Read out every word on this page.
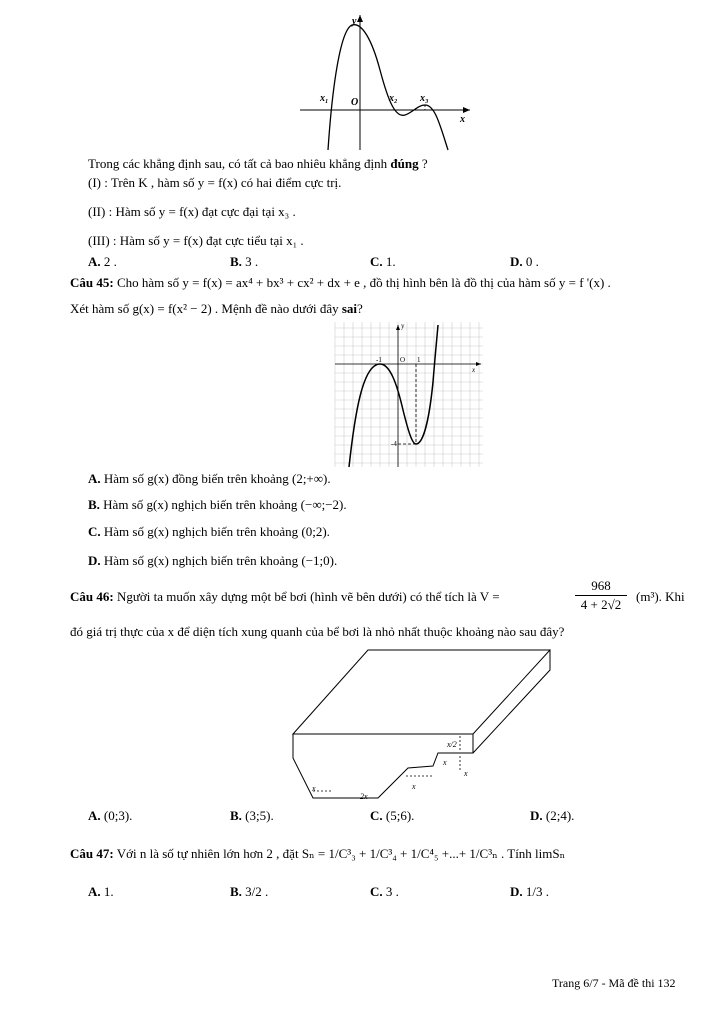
y
x
O
x₁	x₂ x₃
Trong các khẳng định sau, có tất cả bao nhiêu khẳng định đúng ?
(I) : Trên K , hàm số y = f(x) có hai điểm cực trị.
(II) : Hàm số y = f(x) đạt cực đại tại x₃ .
(III) : Hàm số y = f(x) đạt cực tiểu tại x₁ .
A. 2 .	B. 3 .	C. 1.	D. 0 .
Câu 45: Cho hàm số y = f(x) = ax⁴ + bx³ + cx² + dx + e , đồ thị hình bên là đồ thị của hàm số y = f '(x) .
Xét hàm số g(x) = f(x² − 2) . Mệnh đề nào dưới đây sai?
y
x
-1	O 1
-4
A. Hàm số g(x) đồng biến trên khoảng (2;+∞).
B. Hàm số g(x) nghịch biến trên khoảng (−∞;−2).
C. Hàm số g(x) nghịch biến trên khoảng (0;2).
D. Hàm số g(x) nghịch biến trên khoảng (−1;0).
Câu 46: Người ta muốn xây dựng một bể bơi (hình vẽ bên dưới) có thể tích là V =
968
4 + 2√2
(m³). Khi
đó giá trị thực của x để diện tích xung quanh của bể bơi là nhỏ nhất thuộc khoảng nào sau đây?
x/2
x
x
x
2x
x
A. (0;3).	B. (3;5).	C. (5;6).	D. (2;4).
Câu 47: Với n là số tự nhiên lớn hơn 2 , đặt Sₙ = 1/C³₃ + 1/C³₄ + 1/C⁴₅ +...+ 1/C³ₙ . Tính limSₙ
A. 1.	B. 3/2 .	C. 3 .	D. 1/3 .
Trang 6/7 - Mã đề thi 132
